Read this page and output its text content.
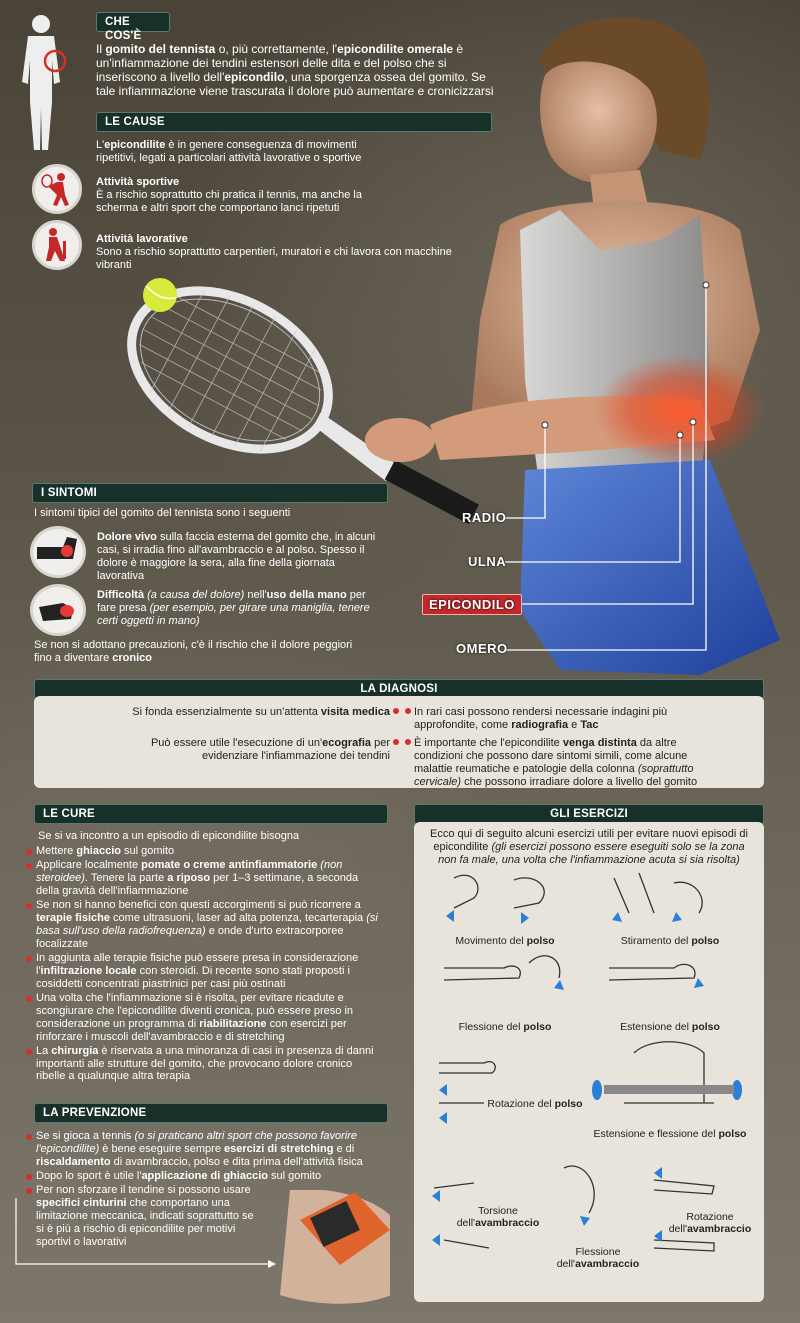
CHE COS'È
Il gomito del tennista o, più correttamente, l'epicondilite omerale è un'infiammazione dei tendini estensori delle dita e del polso che si inseriscono a livello dell'epicondilo, una sporgenza ossea del gomito. Se tale infiammazione viene trascurata il dolore può aumentare e cronicizzarsi
LE CAUSE
L'epicondilite è in genere conseguenza di movimenti ripetitivi, legati a particolari attività lavorative o sportive
Attività sportive
È a rischio soprattutto chi pratica il tennis, ma anche la scherma e altri sport che comportano lanci ripetuti
Attività lavorative
Sono a rischio soprattutto carpentieri, muratori e chi lavora con macchine vibranti
RADIO
ULNA
EPICONDILO
OMERO
I SINTOMI
I sintomi tipici del gomito del tennista sono i seguenti
Dolore vivo sulla faccia esterna del gomito che, in alcuni casi, si irradia fino all'avambraccio e al polso. Spesso il dolore è maggiore la sera, alla fine della giornata lavorativa
Difficoltà (a causa del dolore) nell'uso della mano per fare presa (per esempio, per girare una maniglia, tenere certi oggetti in mano)
Se non si adottano precauzioni, c'è il rischio che il dolore peggiori fino a diventare cronico
LA DIAGNOSI
Si fonda essenzialmente su un'attenta visita medica
Può essere utile l'esecuzione di un'ecografia per evidenziare l'infiammazione dei tendini
In rari casi possono rendersi necessarie indagini più approfondite, come radiografia e Tac
È importante che l'epicondilite venga distinta da altre condizioni che possono dare sintomi simili, come alcune malattie reumatiche e patologie della colonna (soprattutto cervicale) che possono irradiare dolore a livello del gomito
LE CURE
Se si va incontro a un episodio di epicondilite bisogna
Mettere ghiaccio sul gomito
Applicare localmente pomate o creme antinfiammatorie (non steroidee). Tenere la parte a riposo per 1–3 settimane, a seconda della gravità dell'infiammazione
Se non si hanno benefici con questi accorgimenti si può ricorrere a terapie fisiche come ultrasuoni, laser ad alta potenza, tecarterapia (si basa sull'uso della radiofrequenza) e onde d'urto extracorporee focalizzate
In aggiunta alle terapie fisiche può essere presa in considerazione l'infiltrazione locale con steroidi. Di recente sono stati proposti i cosiddetti concentrati piastrinici per casi più ostinati
Una volta che l'infiammazione si è risolta, per evitare ricadute e scongiurare che l'epicondilite diventi cronica, può essere preso in considerazione un programma di riabilitazione con esercizi per rinforzare i muscoli dell'avambraccio e di stretching
La chirurgia è riservata a una minoranza di casi in presenza di danni importanti alle strutture del gomito, che provocano dolore cronico ribelle a qualunque altra terapia
LA PREVENZIONE
Se si gioca a tennis (o si praticano altri sport che possono favorire l'epicondilite) è bene eseguire sempre esercizi di stretching e di riscaldamento di avambraccio, polso e dita prima dell'attività fisica
Dopo lo sport è utile l'applicazione di ghiaccio sul gomito
Per non sforzare il tendine si possono usare specifici cinturini che comportano una limitazione meccanica, indicati soprattutto se si è più a rischio di epicondilite per motivi sportivi o lavorativi
GLI ESERCIZI
Ecco qui di seguito alcuni esercizi utili per evitare nuovi episodi di epicondilite (gli esercizi possono essere eseguiti solo se la zona non fa male, una volta che l'infiammazione acuta si sia risolta)
Movimento del polso	Stiramento del polso
Flessione del polso	Estensione del polso
Rotazione del polso
Estensione e flessione del polso
Torsione dell'avambraccio
Flessione dell'avambraccio
Rotazione dell'avambraccio
